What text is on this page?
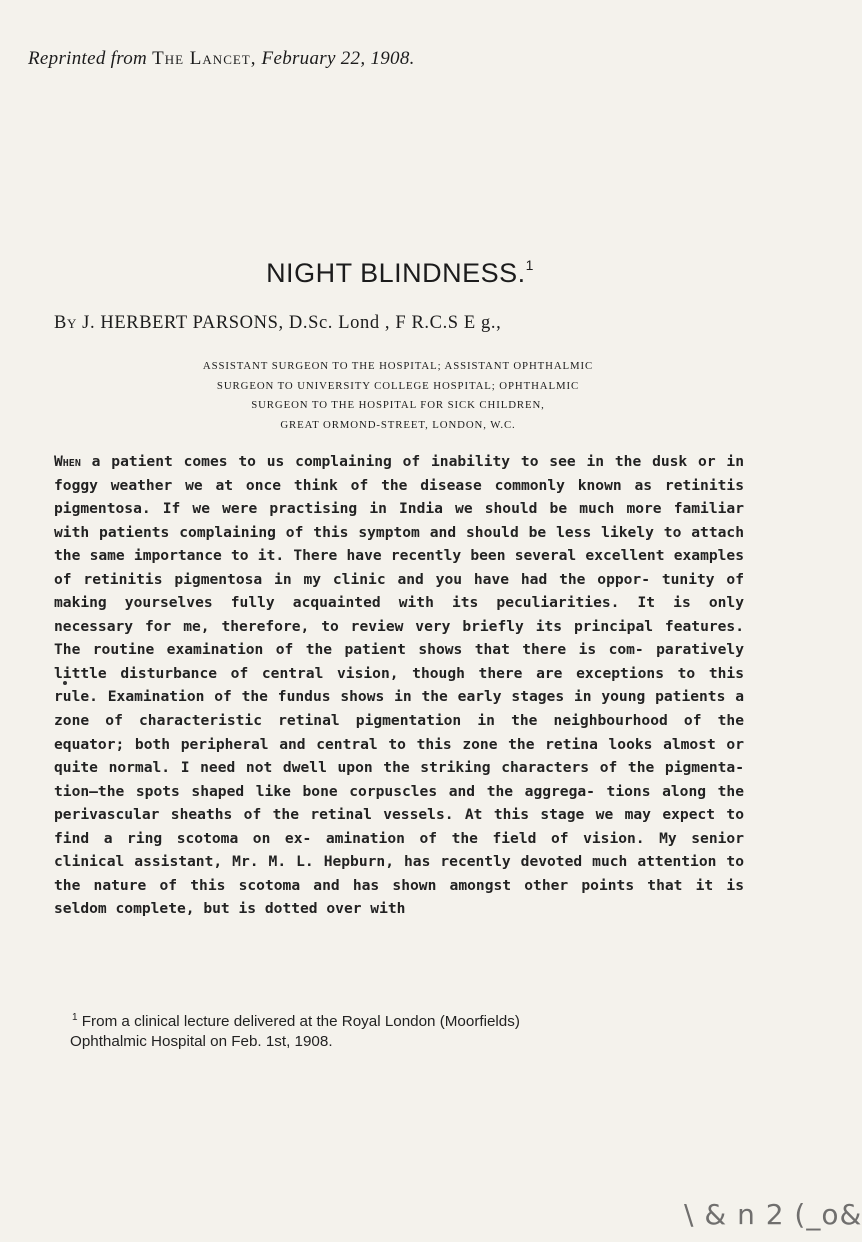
Reprinted from The Lancet, February 22, 1908.
NIGHT BLINDNESS.$^1$
By J. HERBERT PARSONS, D.Sc. Lond , F R.C.S E g.,
ASSISTANT SURGEON TO THE HOSPITAL; ASSISTANT OPHTHALMIC
SURGEON TO UNIVERSITY COLLEGE HOSPITAL; OPHTHALMIC
SURGEON TO THE HOSPITAL FOR SICK CHILDREN,
GREAT ORMOND-STREET, LONDON, W.C.
When a patient comes to us complaining of inability to see in the dusk or in foggy weather we at once think of the disease commonly known as retinitis pigmentosa. If we were practising in India we should be much more familiar with patients complaining of this symptom and should be less likely to attach the same importance to it. There have recently been several excellent examples of retinitis pigmentosa in my clinic and you have had the oppor- tunity of making yourselves fully acquainted with its peculiarities. It is only necessary for me, therefore, to review very briefly its principal features. The routine examination of the patient shows that there is com- paratively little disturbance of central vision, though there are exceptions to this rule. Examination of the fundus shows in the early stages in young patients a zone of characteristic retinal pigmentation in the neighbourhood of the equator; both peripheral and central to this zone the retina looks almost or quite normal. I need not dwell upon the striking characters of the pigmenta- tion—the spots shaped like bone corpuscles and the aggrega- tions along the perivascular sheaths of the retinal vessels. At this stage we may expect to find a ring scotoma on ex- amination of the field of vision. My senior clinical assistant, Mr. M. L. Hepburn, has recently devoted much attention to the nature of this scotoma and has shown amongst other points that it is seldom complete, but is dotted over with
$^1$ From a clinical lecture delivered at the Royal London (Moorfields)
Ophthalmic Hospital on Feb. 1st, 1908.
\ & n 2 (_o&
